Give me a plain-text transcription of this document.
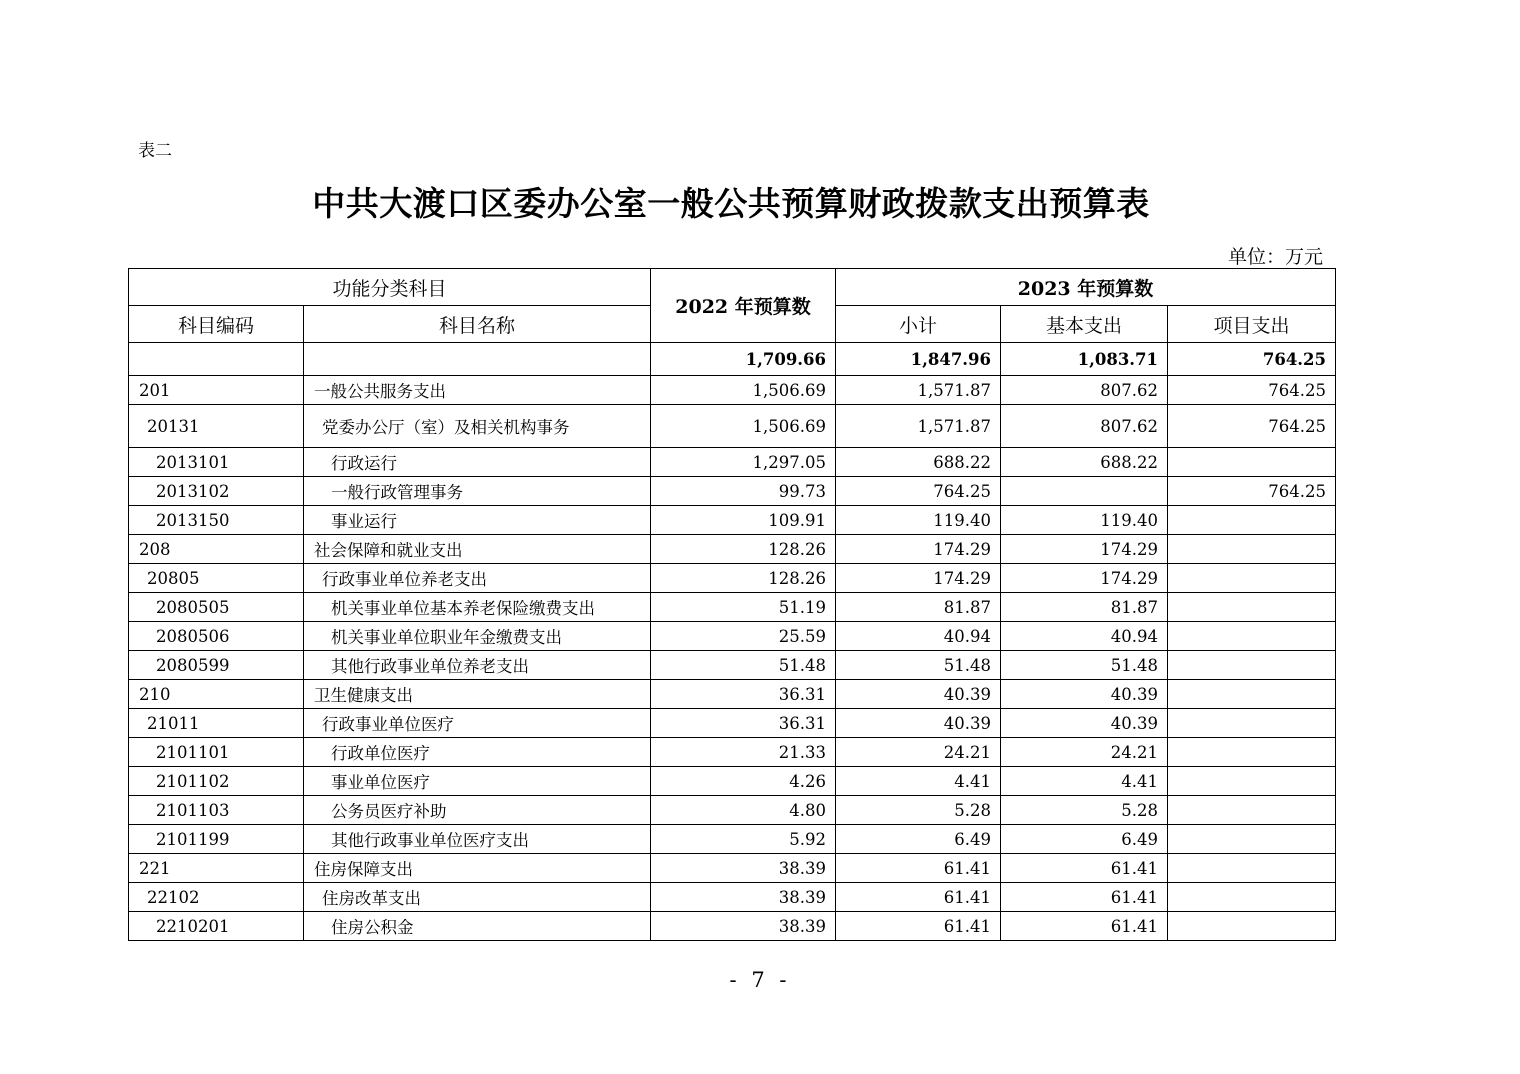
表二
中共大渡口区委办公室一般公共预算财政拨款支出预算表
单位：万元
功能分类科目		2022 年预算数	2023 年预算数		
科目编码	科目名称		小计	基本支出	项目支出
		1,709.66	1,847.96	1,083.71	764.25
201	一般公共服务支出	1,506.69	1,571.87	807.62	764.25
20131	党委办公厅（室）及相关机构事务	1,506.69	1,571.87	807.62	764.25
2013101	行政运行	1,297.05	688.22	688.22	
2013102	一般行政管理事务	99.73	764.25		764.25
2013150	事业运行	109.91	119.40	119.40	
208	社会保障和就业支出	128.26	174.29	174.29	
20805	行政事业单位养老支出	128.26	174.29	174.29	
2080505	机关事业单位基本养老保险缴费支出	51.19	81.87	81.87	
2080506	机关事业单位职业年金缴费支出	25.59	40.94	40.94	
2080599	其他行政事业单位养老支出	51.48	51.48	51.48	
210	卫生健康支出	36.31	40.39	40.39	
21011	行政事业单位医疗	36.31	40.39	40.39	
2101101	行政单位医疗	21.33	24.21	24.21	
2101102	事业单位医疗	4.26	4.41	4.41	
2101103	公务员医疗补助	4.80	5.28	5.28	
2101199	其他行政事业单位医疗支出	5.92	6.49	6.49	
221	住房保障支出	38.39	61.41	61.41	
22102	住房改革支出	38.39	61.41	61.41	
2210201	住房公积金	38.39	61.41	61.41	
- 7 -
